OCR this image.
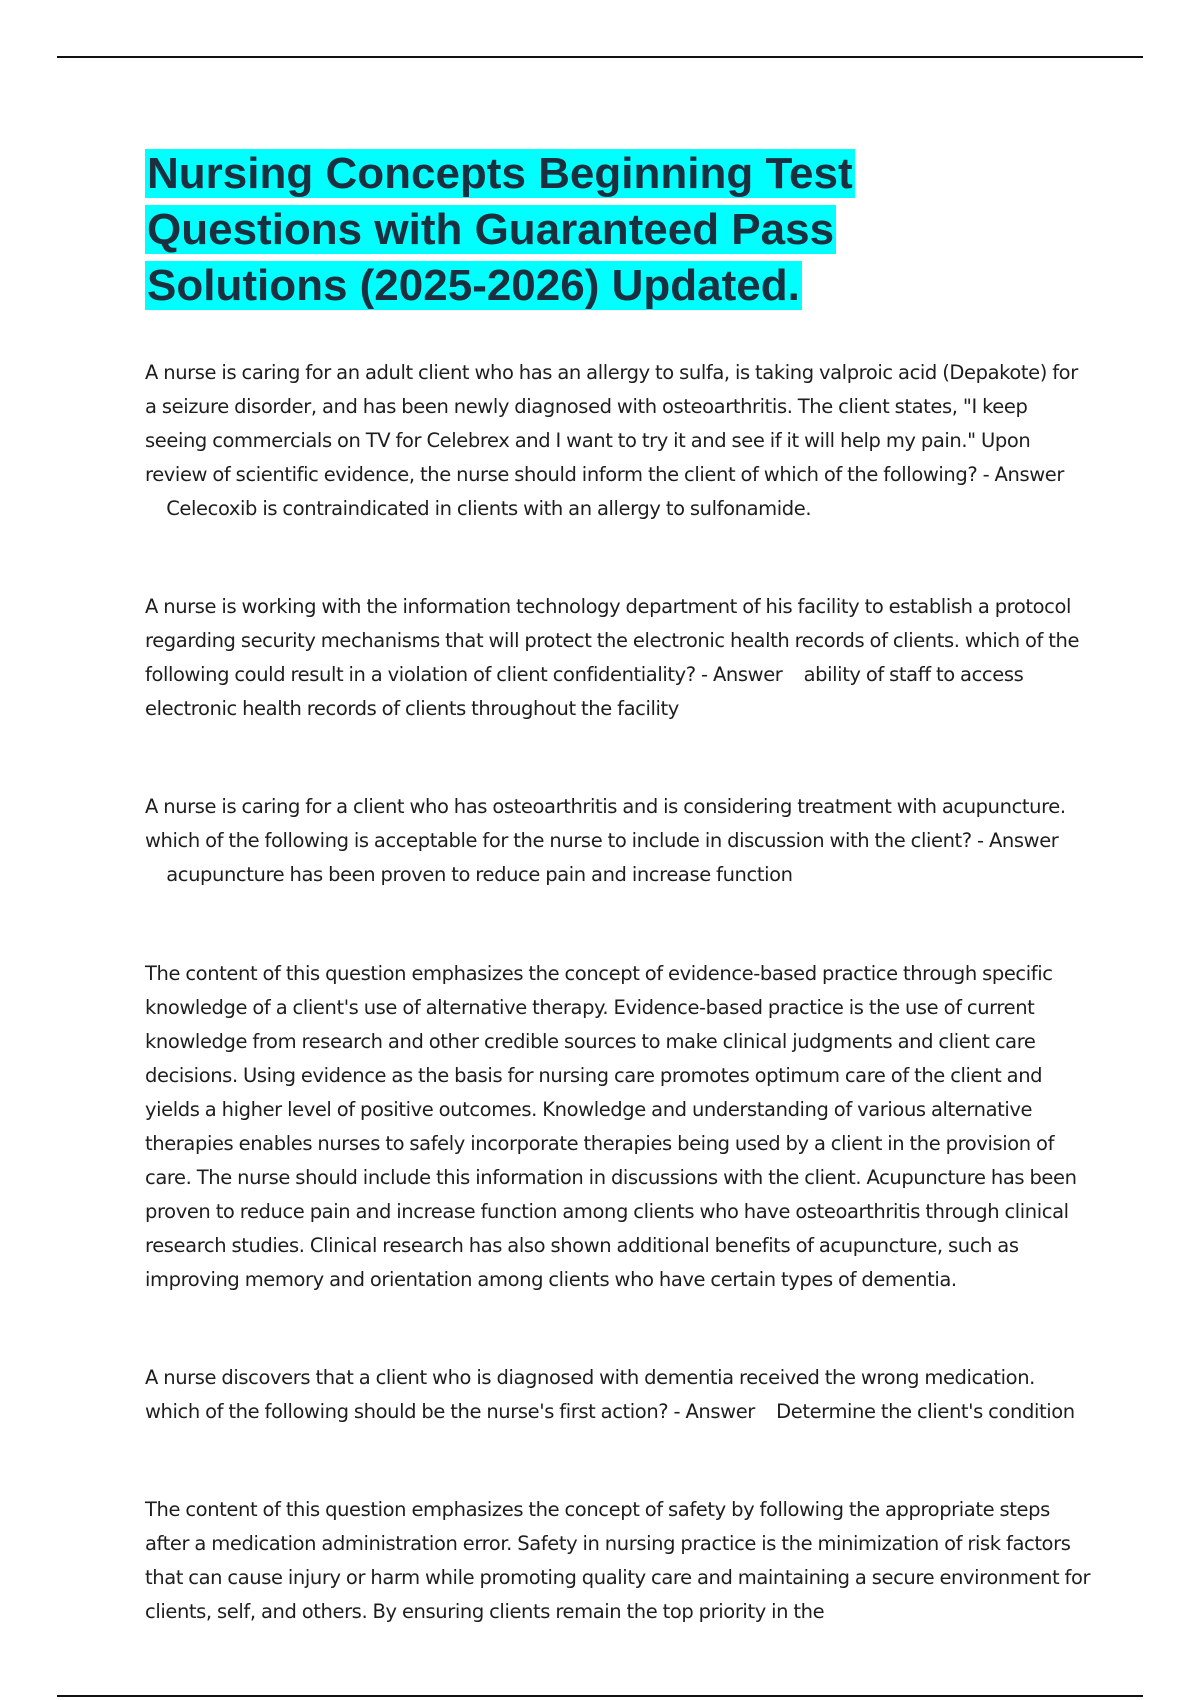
Nursing Concepts Beginning Test Questions with Guaranteed Pass Solutions (2025-2026) Updated.

A nurse is caring for an adult client who has an allergy to sulfa, is taking valproic acid (Depakote) for a seizure disorder, and has been newly diagnosed with osteoarthritis. The client states, "I keep seeing commercials on TV for Celebrex and I want to try it and see if it will help my pain." Upon review of scientific evidence, the nurse should inform the client of which of the following? - Answer    Celecoxib is contraindicated in clients with an allergy to sulfonamide.

A nurse is working with the information technology department of his facility to establish a protocol regarding security mechanisms that will protect the electronic health records of clients. which of the following could result in a violation of client confidentiality? - Answer ability of staff to access electronic health records of clients throughout the facility

A nurse is caring for a client who has osteoarthritis and is considering treatment with acupuncture. which of the following is acceptable for the nurse to include in discussion with the client? - Answer    acupuncture has been proven to reduce pain and increase function

The content of this question emphasizes the concept of evidence-based practice through specific knowledge of a client's use of alternative therapy. Evidence-based practice is the use of current knowledge from research and other credible sources to make clinical judgments and client care decisions. Using evidence as the basis for nursing care promotes optimum care of the client and yields a higher level of positive outcomes. Knowledge and understanding of various alternative therapies enables nurses to safely incorporate therapies being used by a client in the provision of care. The nurse should include this information in discussions with the client. Acupuncture has been proven to reduce pain and increase function among clients who have osteoarthritis through clinical research studies. Clinical research has also shown additional benefits of acupuncture, such as improving memory and orientation among clients who have certain types of dementia.

A nurse discovers that a client who is diagnosed with dementia received the wrong medication. which of the following should be the nurse's first action? - Answer Determine the client's condition

The content of this question emphasizes the concept of safety by following the appropriate steps after a medication administration error. Safety in nursing practice is the minimization of risk factors that can cause injury or harm while promoting quality care and maintaining a secure environment for clients, self, and others. By ensuring clients remain the top priority in the
